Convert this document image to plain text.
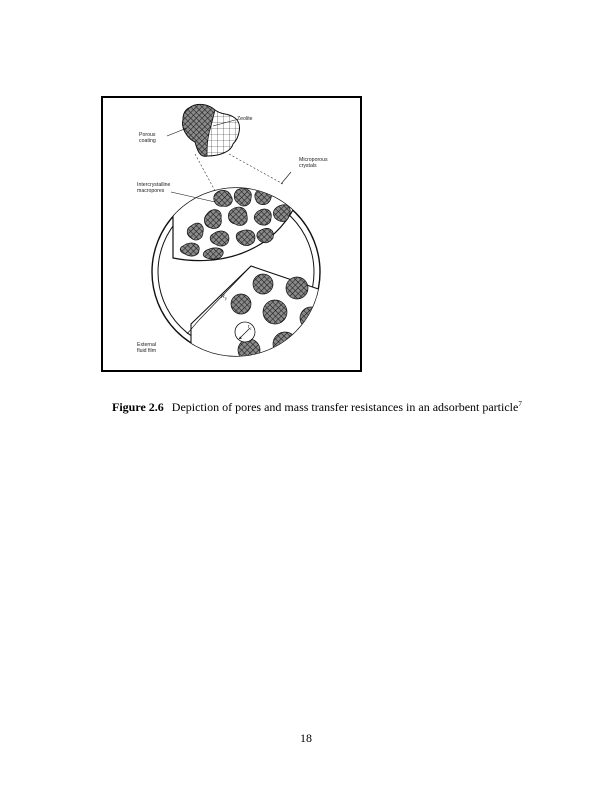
Zeolite
Porous
coating
Microporous
crystals
Intercrystalline
macropores
External
fluid film
$R_p$
$r_c$
Figure 2.6 Depiction of pores and mass transfer resistances in an adsorbent particle$^7$
18
